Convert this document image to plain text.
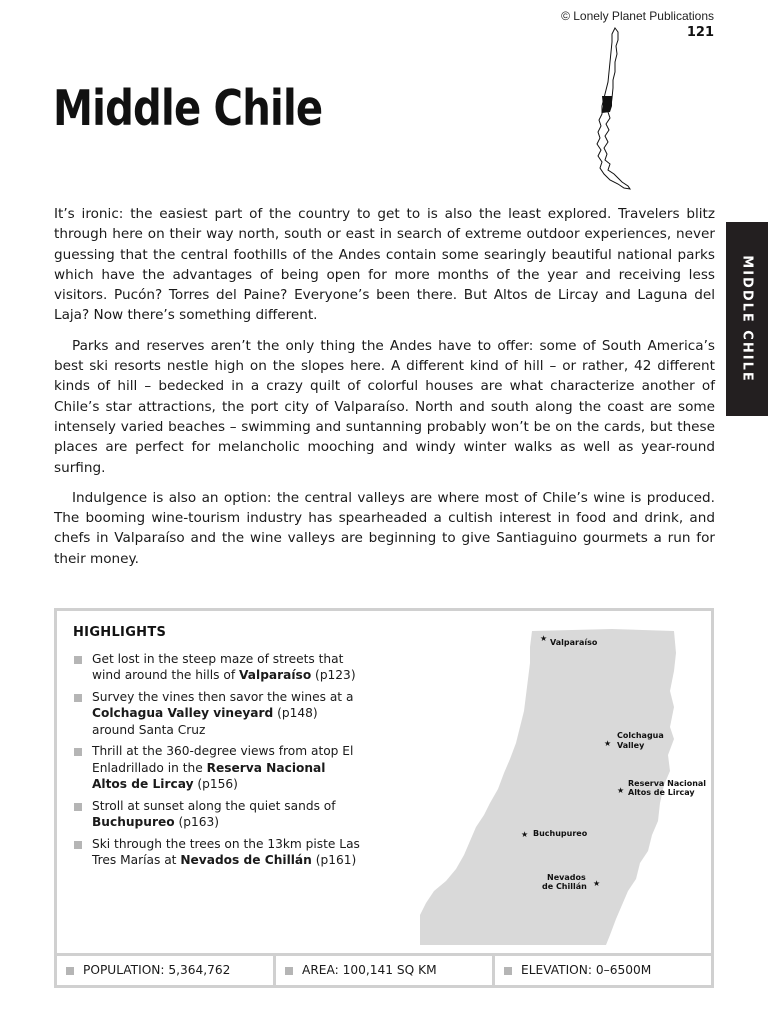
© Lonely Planet Publications
121
Middle Chile
MIDDLE CHILE

It’s ironic: the easiest part of the country to get to is also the least explored. Travelers blitz through here on their way north, south or east in search of extreme outdoor experiences, never guessing that the central foothills of the Andes contain some searingly beautiful national parks which have the advantages of being open for more months of the year and receiving less visitors. Pucón? Torres del Paine? Everyone’s been there. But Altos de Lircay and Laguna del Laja? Now there’s something different.

Parks and reserves aren’t the only thing the Andes have to offer: some of South America’s best ski resorts nestle high on the slopes here. A different kind of hill – or rather, 42 different kinds of hill – bedecked in a crazy quilt of colorful houses are what characterize another of Chile’s star attractions, the port city of Valparaíso. North and south along the coast are some intensely varied beaches – swimming and suntanning probably won’t be on the cards, but these places are perfect for melancholic mooching and windy winter walks as well as year-round surfing.

Indulgence is also an option: the central valleys are where most of Chile’s wine is produced. The booming wine-tourism industry has spearheaded a cultish interest in food and drink, and chefs in Valparaíso and the wine valleys are beginning to give Santiaguino gourmets a run for their money.

HIGHLIGHTS
Get lost in the steep maze of streets that wind around the hills of Valparaíso (p123)
Survey the vines then savor the wines at a Colchagua Valley vineyard (p148) around Santa Cruz
Thrill at the 360-degree views from atop El Enladrillado in the Reserva Nacional Altos de Lircay (p156)
Stroll at sunset along the quiet sands of Buchupureo (p163)
Ski through the trees on the 13km piste Las Tres Marías at Nevados de Chillán (p161)
★ Valparaíso
★
Colchagua
Valley
★
Reserva Nacional
Altos de Lircay
★ Buchupureo
★
Nevados
de Chillán
POPULATION: 5,364,762	AREA: 100,141 SQ KM	ELEVATION: 0–6500M
